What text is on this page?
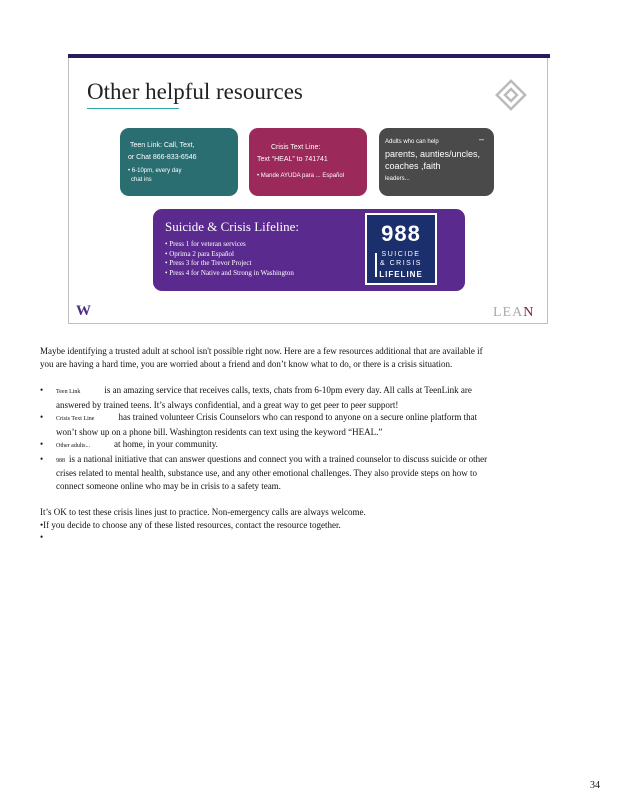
Other helpful resources
Teen Link: Call, Text,
or Chat 866-833-6546
• 6-10pm, every day
chat ins
Crisis Text Line:
Text “HEAL” to 741741
• Mande AYUDA para ... Español
Adults who can help	–
parents, aunties/uncles,
coaches ,faith
leaders...
Suicide & Crisis Lifeline:
• Press 1 for veteran services
• Oprima 2 para Español
• Press 3 for the Trevor Project
• Press 4 for Native and Strong in Washington
988
SUICIDE
& CRISIS
LIFELINE
W	LEAN

Maybe identifying a trusted adult at school isn't possible right now. Here are a few resources additional that are available if you are having a hard time, you are worried about a friend and don’t know what to do, or there is a crisis situation.

• Teen Link	is an amazing service that receives calls, texts, chats from 6-10pm every day. All calls at TeenLink are answered by trained teens. It’s always confidential, and a great way to get peer to peer support!
• Crisis Text Line	has trained volunteer Crisis Counselors who can respond to anyone on a secure online platform that won’t show up on a phone bill. Washington residents can text using the keyword “HEAL.”
• Other adults...	at home, in your community.
• 988 is a national initiative that can answer questions and connect you with a trained counselor to discuss suicide or other crises related to mental health, substance use, and any other emotional challenges. They also provide steps on how to connect someone online who may be in crisis to a safety team.

It’s OK to test these crisis lines just to practice. Non-emergency calls are always welcome.

•If you decide to choose any of these listed resources, contact the resource together.

•

34
